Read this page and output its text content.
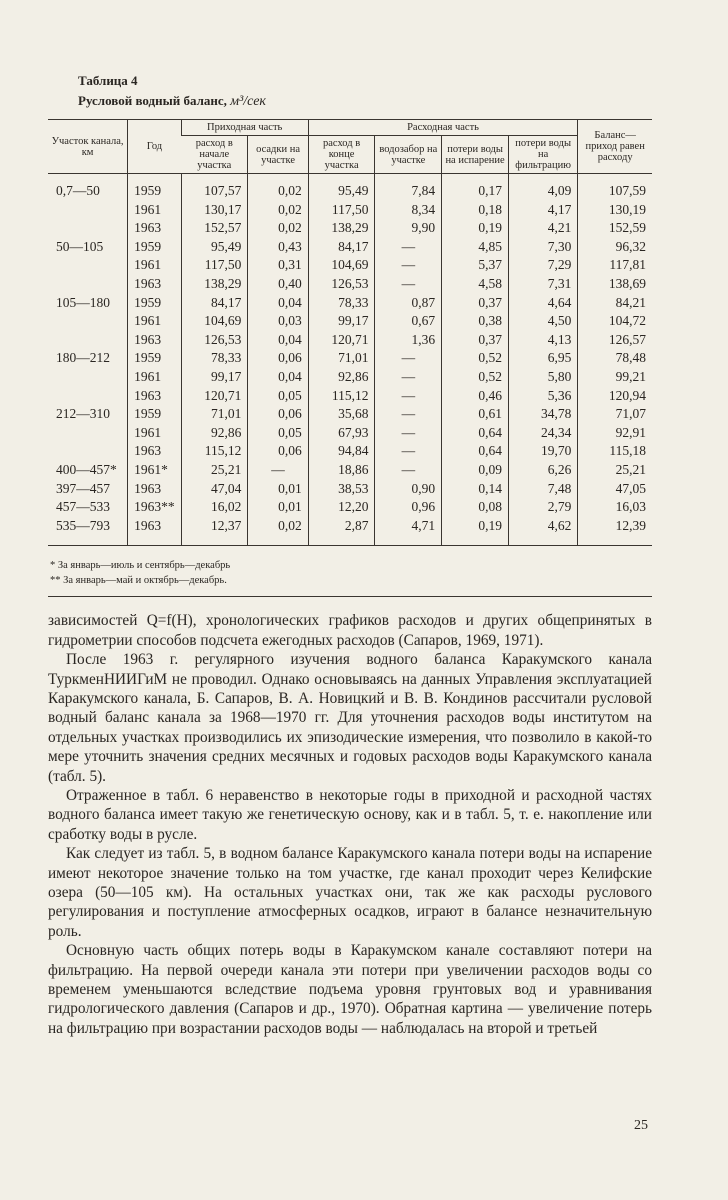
Таблица 4
Русловой водный баланс, м³/сек
Участок канала, км	Год	Приходная часть		Расходная часть				Баланс— приход равен расходу
		расход в начале участка	осадки на участке	расход в конце участка	водозабор на участке	потери воды на испарение	потери воды на фильтрацию	
0,7—50	1959	107,57	0,02	95,49	7,84	0,17	4,09	107,59
	1961	130,17	0,02	117,50	8,34	0,18	4,17	130,19
	1963	152,57	0,02	138,29	9,90	0,19	4,21	152,59
50—105	1959	95,49	0,43	84,17	—	4,85	7,30	96,32
	1961	117,50	0,31	104,69	—	5,37	7,29	117,81
	1963	138,29	0,40	126,53	—	4,58	7,31	138,69
105—180	1959	84,17	0,04	78,33	0,87	0,37	4,64	84,21
	1961	104,69	0,03	99,17	0,67	0,38	4,50	104,72
	1963	126,53	0,04	120,71	1,36	0,37	4,13	126,57
180—212	1959	78,33	0,06	71,01	—	0,52	6,95	78,48
	1961	99,17	0,04	92,86	—	0,52	5,80	99,21
	1963	120,71	0,05	115,12	—	0,46	5,36	120,94
212—310	1959	71,01	0,06	35,68	—	0,61	34,78	71,07
	1961	92,86	0,05	67,93	—	0,64	24,34	92,91
	1963	115,12	0,06	94,84	—	0,64	19,70	115,18
400—457*	1961*	25,21	—	18,86	—	0,09	6,26	25,21
397—457	1963	47,04	0,01	38,53	0,90	0,14	7,48	47,05
457—533	1963**	16,02	0,01	12,20	0,96	0,08	2,79	16,03
535—793	1963	12,37	0,02	2,87	4,71	0,19	4,62	12,39
* За январь—июль и сентябрь—декабрь
** За январь—май и октябрь—декабрь.

зависимостей Q=f(H), хронологических графиков расходов и других общепринятых в гидрометрии способов подсчета ежегодных расходов (Сапаров, 1969, 1971).

После 1963 г. регулярного изучения водного баланса Каракумского канала ТуркменНИИГиМ не проводил. Однако основываясь на данных Управления эксплуатацией Каракумского канала, Б. Сапаров, В. А. Новицкий и В. В. Кондинов рассчитали русловой водный баланс канала за 1968—1970 гг. Для уточнения расходов воды институтом на отдельных участках производились их эпизодические измерения, что позволило в какой-то мере уточнить значения средних месячных и годовых расходов воды Каракумского канала (табл. 5).

Отраженное в табл. 6 неравенство в некоторые годы в приходной и расходной частях водного баланса имеет такую же генетическую основу, как и в табл. 5, т. е. накопление или сработку воды в русле.

Как следует из табл. 5, в водном балансе Каракумского канала потери воды на испарение имеют некоторое значение только на том участке, где канал проходит через Келифские озера (50—105 км). На остальных участках они, так же как расходы руслового регулирования и поступление атмосферных осадков, играют в балансе незначительную роль.

Основную часть общих потерь воды в Каракумском канале составляют потери на фильтрацию. На первой очереди канала эти потери при увеличении расходов воды со временем уменьшаются вследствие подъема уровня грунтовых вод и уравнивания гидрологического давления (Сапаров и др., 1970). Обратная картина — увеличение потерь на фильтрацию при возрастании расходов воды — наблюдалась на второй и третьей

25
